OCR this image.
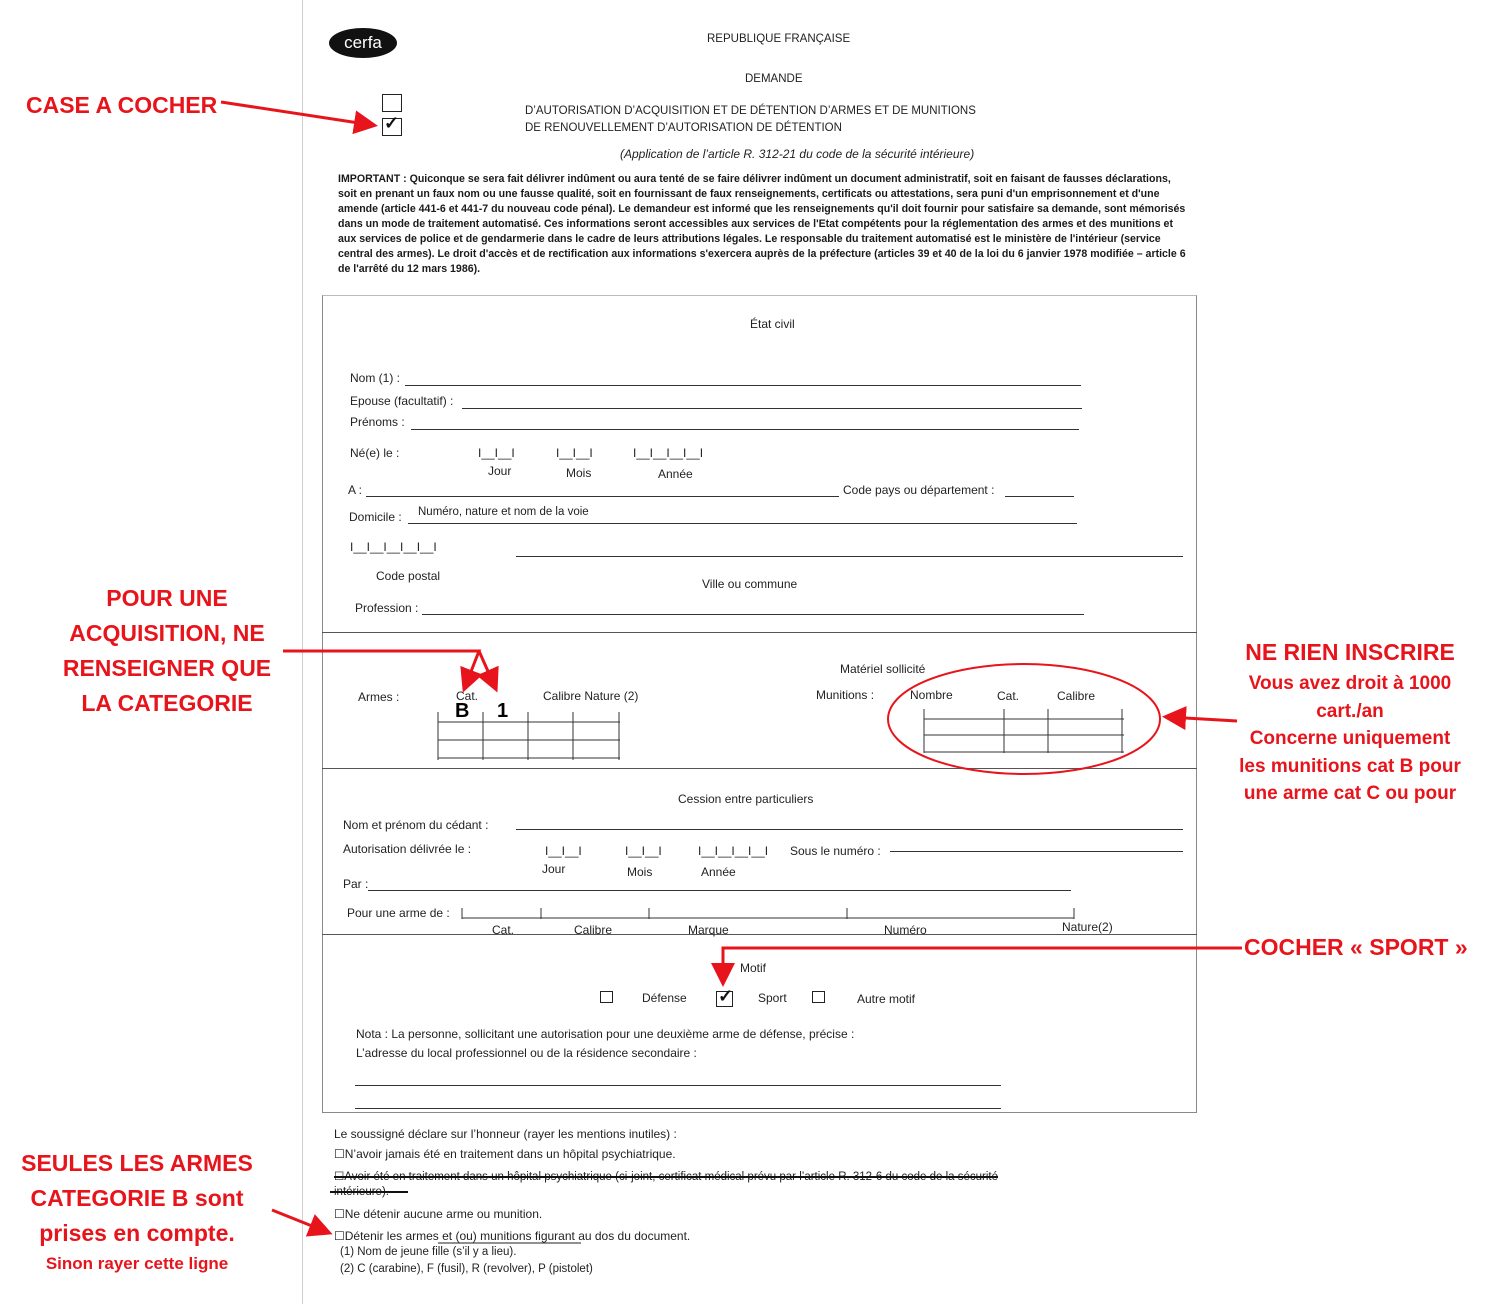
cerfa	REPUBLIQUE FRANÇAISE
DEMANDE
✓
D’AUTORISATION D’ACQUISITION ET DE DÉTENTION D’ARMES ET DE MUNITIONS
DE RENOUVELLEMENT D’AUTORISATION DE DÉTENTION
(Application de l’article R. 312-21 du code de la sécurité intérieure)
IMPORTANT : Quiconque se sera fait délivrer indûment ou aura tenté de se faire délivrer indûment un document administratif, soit en faisant de fausses déclarations, soit en prenant un faux nom ou une fausse qualité, soit en fournissant de faux renseignements, certificats ou attestations, sera puni d'un emprisonnement et d'une amende (article 441-6 et 441-7 du nouveau code pénal). Le demandeur est informé que les renseignements qu'il doit fournir pour satisfaire sa demande, sont mémorisés dans un mode de traitement automatisé. Ces informations seront accessibles aux services de l'Etat compétents pour la réglementation des armes et des munitions et aux services de police et de gendarmerie dans le cadre de leurs attributions légales. Le responsable du traitement automatisé est le ministère de l'intérieur (service central des armes). Le droit d'accès et de rectification aux informations s'exercera auprès de la préfecture (articles 39 et 40 de la loi du 6 janvier 1978 modifiée – article 6 de l'arrêté du 12 mars 1986).
État civil
Nom (1) :
Epouse (facultatif) :
Prénoms :
Né(e) le :	I__I__I	I__I__I	I__I__I__I__I
Jour	Mois	Année
A :	Code pays ou département :
Domicile : Numéro, nature et nom de la voie
I__I__I__I__I__I
Code postal
Ville ou commune
Profession :
Matériel sollicité
Armes :	Cat.	Calibre Nature (2)
B 1
Munitions :	Nombre	Cat.	Calibre
Cession entre particuliers
Nom et prénom du cédant :
Autorisation délivrée le :	I__I__I	I__I__I	I__I__I__I__I Sous le numéro :
Jour	Mois	Année
Par :
Pour une arme de :
Cat.	Calibre	Marque	Numéro	Nature(2)
Motif
Défense
✓	Sport	Autre motif
Nota : La personne, sollicitant une autorisation pour une deuxième arme de défense, précise :
L’adresse du local professionnel ou de la résidence secondaire :
Le soussigné déclare sur l’honneur (rayer les mentions inutiles) :
☐N’avoir jamais été en traitement dans un hôpital psychiatrique.
☐Avoir été en traitement dans un hôpital psychiatrique (ci-joint, certificat médical prévu par l’article R. 312-6 du code de la sécurité
intérieure).
☐Ne détenir aucune arme ou munition.
☐Détenir les armes et (ou) munitions figurant au dos du document.
(1) Nom de jeune fille (s’il y a lieu).
(2) C (carabine), F (fusil), R (revolver), P (pistolet)
CASE A COCHER
POUR UNE
ACQUISITION, NE
RENSEIGNER QUE
LA CATEGORIE
NE RIEN INSCRIRE
Vous avez droit à 1000
cart./an
Concerne uniquement
les munitions cat B pour
une arme cat C ou pour
COCHER « SPORT »
SEULES LES ARMES
CATEGORIE B sont
prises en compte.
Sinon rayer cette ligne
